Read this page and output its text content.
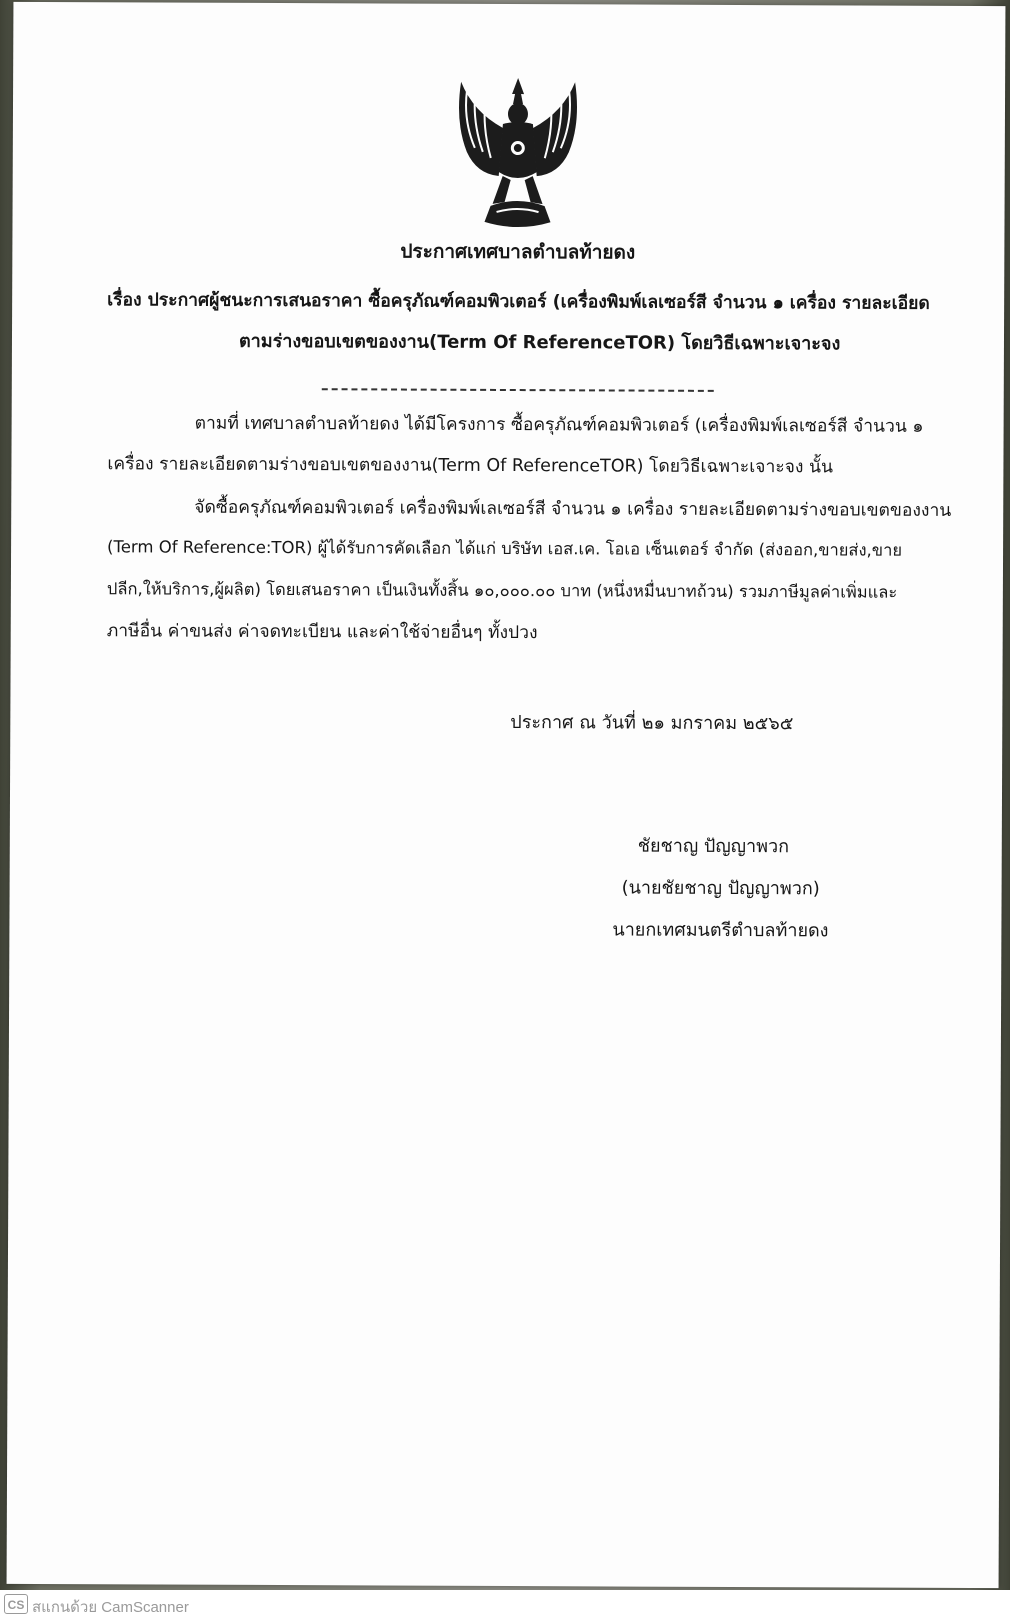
ประกาศเทศบาลตำบลท้ายดง
เรื่อง ประกาศผู้ชนะการเสนอราคา ซื้อครุภัณฑ์คอมพิวเตอร์ (เครื่องพิมพ์เลเซอร์สี จำนวน ๑ เครื่อง รายละเอียด
ตามร่างขอบเขตของงาน(Term Of ReferenceTOR) โดยวิธีเฉพาะเจาะจง
ตามที่ เทศบาลตำบลท้ายดง ได้มีโครงการ ซื้อครุภัณฑ์คอมพิวเตอร์ (เครื่องพิมพ์เลเซอร์สี จำนวน ๑
เครื่อง รายละเอียดตามร่างขอบเขตของงาน(Term Of ReferenceTOR) โดยวิธีเฉพาะเจาะจง นั้น
จัดซื้อครุภัณฑ์คอมพิวเตอร์ เครื่องพิมพ์เลเซอร์สี จำนวน ๑ เครื่อง รายละเอียดตามร่างขอบเขตของงาน
(Term Of Reference:TOR) ผู้ได้รับการคัดเลือก ได้แก่ บริษัท เอส.เค. โอเอ เซ็นเตอร์ จำกัด (ส่งออก,ขายส่ง,ขาย
ปลีก,ให้บริการ,ผู้ผลิต) โดยเสนอราคา เป็นเงินทั้งสิ้น ๑๐,๐๐๐.๐๐ บาท (หนึ่งหมื่นบาทถ้วน) รวมภาษีมูลค่าเพิ่มและ
ภาษีอื่น ค่าขนส่ง ค่าจดทะเบียน และค่าใช้จ่ายอื่นๆ ทั้งปวง
ประกาศ ณ วันที่ ๒๑ มกราคม ๒๕๖๕
ชัยชาญ ปัญญาพวก
(นายชัยชาญ ปัญญาพวก)
นายกเทศมนตรีตำบลท้ายดง
CS สแกนด้วย CamScanner
